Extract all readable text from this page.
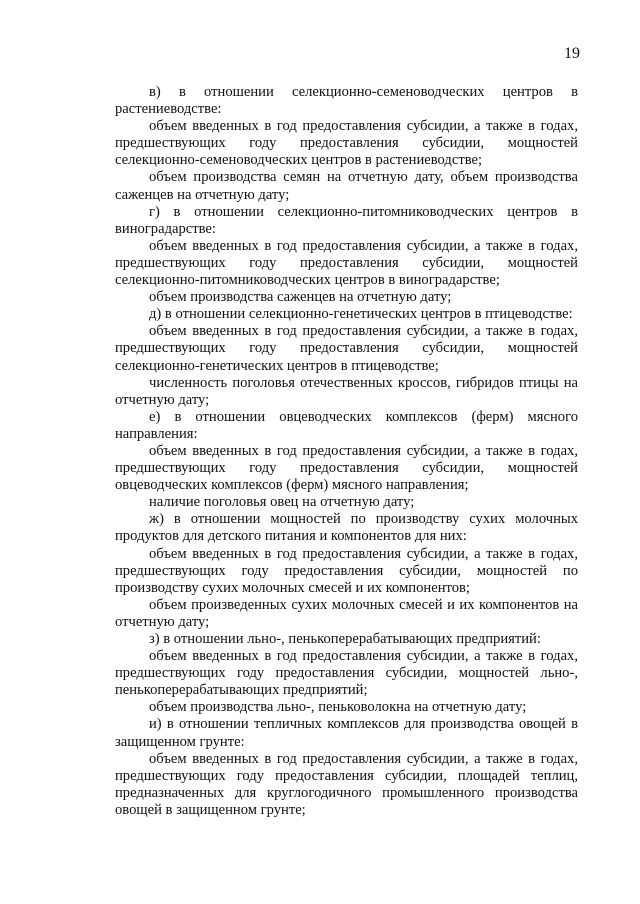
19

в) в отношении селекционно-семеноводческих центров в растениеводстве:

объем введенных в год предоставления субсидии, а также в годах, предшествующих году предоставления субсидии, мощностей селекционно-семеноводческих центров в растениеводстве;

объем производства семян на отчетную дату, объем производства саженцев на отчетную дату;

г) в отношении селекционно-питомниководческих центров в виноградарстве:

объем введенных в год предоставления субсидии, а также в годах, предшествующих году предоставления субсидии, мощностей селекционно-питомниководческих центров в виноградарстве;

объем производства саженцев на отчетную дату;

д) в отношении селекционно-генетических центров в птицеводстве:

объем введенных в год предоставления субсидии, а также в годах, предшествующих году предоставления субсидии, мощностей селекционно-генетических центров в птицеводстве;

численность поголовья отечественных кроссов, гибридов птицы на отчетную дату;

е) в отношении овцеводческих комплексов (ферм) мясного направления:

объем введенных в год предоставления субсидии, а также в годах, предшествующих году предоставления субсидии, мощностей овцеводческих комплексов (ферм) мясного направления;

наличие поголовья овец на отчетную дату;

ж) в отношении мощностей по производству сухих молочных продуктов для детского питания и компонентов для них:

объем введенных в год предоставления субсидии, а также в годах, предшествующих году предоставления субсидии, мощностей по производству сухих молочных смесей и их компонентов;

объем произведенных сухих молочных смесей и их компонентов на отчетную дату;

з) в отношении льно-, пенькоперерабатывающих предприятий:

объем введенных в год предоставления субсидии, а также в годах, предшествующих году предоставления субсидии, мощностей льно-, пенькоперерабатывающих предприятий;

объем производства льно-, пеньковолокна на отчетную дату;

и) в отношении тепличных комплексов для производства овощей в защищенном грунте:

объем введенных в год предоставления субсидии, а также в годах, предшествующих году предоставления субсидии, площадей теплиц, предназначенных для круглогодичного промышленного производства овощей в защищенном грунте;
